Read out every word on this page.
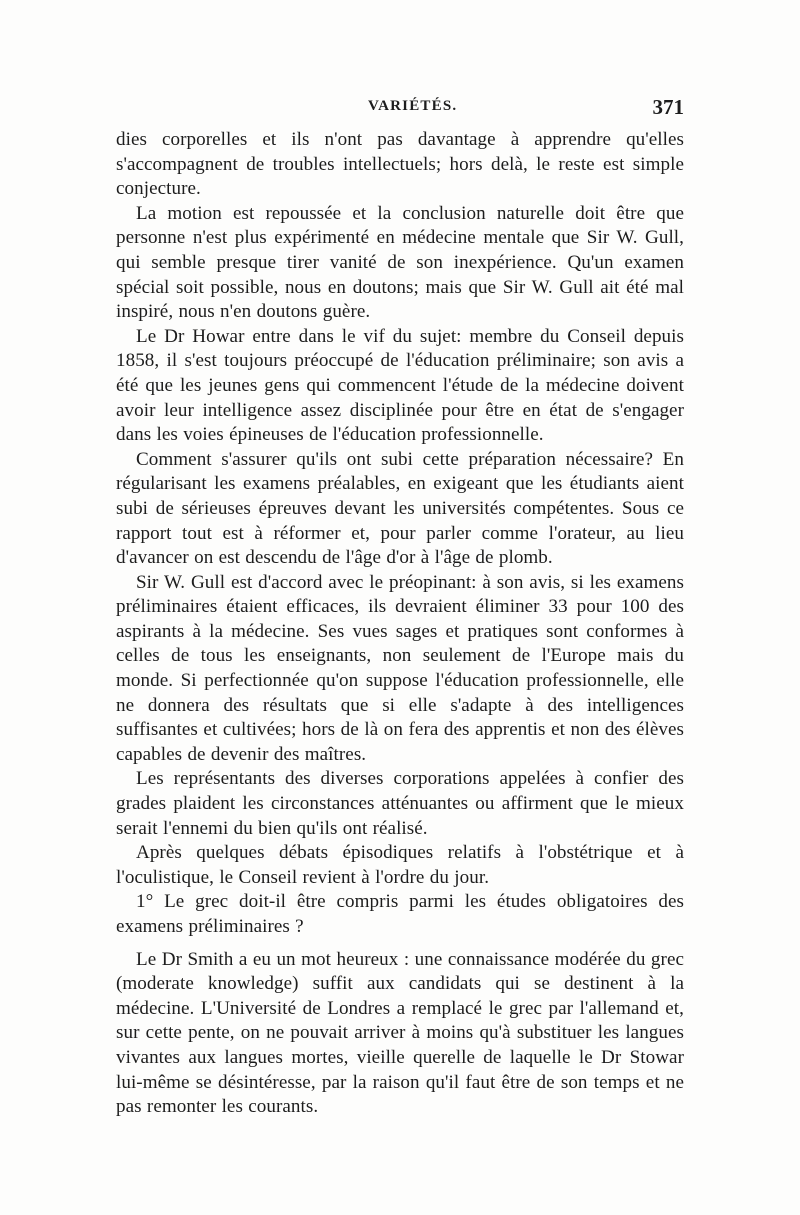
VARIÉTÉS.	371

dies corporelles et ils n'ont pas davantage à apprendre qu'elles s'accompagnent de troubles intellectuels; hors delà, le reste est simple conjecture.

La motion est repoussée et la conclusion naturelle doit être que personne n'est plus expérimenté en médecine mentale que Sir W. Gull, qui semble presque tirer vanité de son inexpérience. Qu'un examen spécial soit possible, nous en doutons; mais que Sir W. Gull ait été mal inspiré, nous n'en doutons guère.

Le Dr Howar entre dans le vif du sujet: membre du Conseil depuis 1858, il s'est toujours préoccupé de l'éducation préliminaire; son avis a été que les jeunes gens qui commencent l'étude de la médecine doivent avoir leur intelligence assez disciplinée pour être en état de s'engager dans les voies épineuses de l'éducation professionnelle.

Comment s'assurer qu'ils ont subi cette préparation nécessaire? En régularisant les examens préalables, en exigeant que les étudiants aient subi de sérieuses épreuves devant les universités compétentes. Sous ce rapport tout est à réformer et, pour parler comme l'orateur, au lieu d'avancer on est descendu de l'âge d'or à l'âge de plomb.

Sir W. Gull est d'accord avec le préopinant: à son avis, si les examens préliminaires étaient efficaces, ils devraient éliminer 33 pour 100 des aspirants à la médecine. Ses vues sages et pratiques sont conformes à celles de tous les enseignants, non seulement de l'Europe mais du monde. Si perfectionnée qu'on suppose l'éducation professionnelle, elle ne donnera des résultats que si elle s'adapte à des intelligences suffisantes et cultivées; hors de là on fera des apprentis et non des élèves capables de devenir des maîtres.

Les représentants des diverses corporations appelées à confier des grades plaident les circonstances atténuantes ou affirment que le mieux serait l'ennemi du bien qu'ils ont réalisé.

Après quelques débats épisodiques relatifs à l'obstétrique et à l'oculistique, le Conseil revient à l'ordre du jour.

1° Le grec doit-il être compris parmi les études obligatoires des examens préliminaires ?

Le Dr Smith a eu un mot heureux : une connaissance modérée du grec (moderate knowledge) suffit aux candidats qui se destinent à la médecine. L'Université de Londres a remplacé le grec par l'allemand et, sur cette pente, on ne pouvait arriver à moins qu'à substituer les langues vivantes aux langues mortes, vieille querelle de laquelle le Dr Stowar lui-même se désintéresse, par la raison qu'il faut être de son temps et ne pas remonter les courants.
